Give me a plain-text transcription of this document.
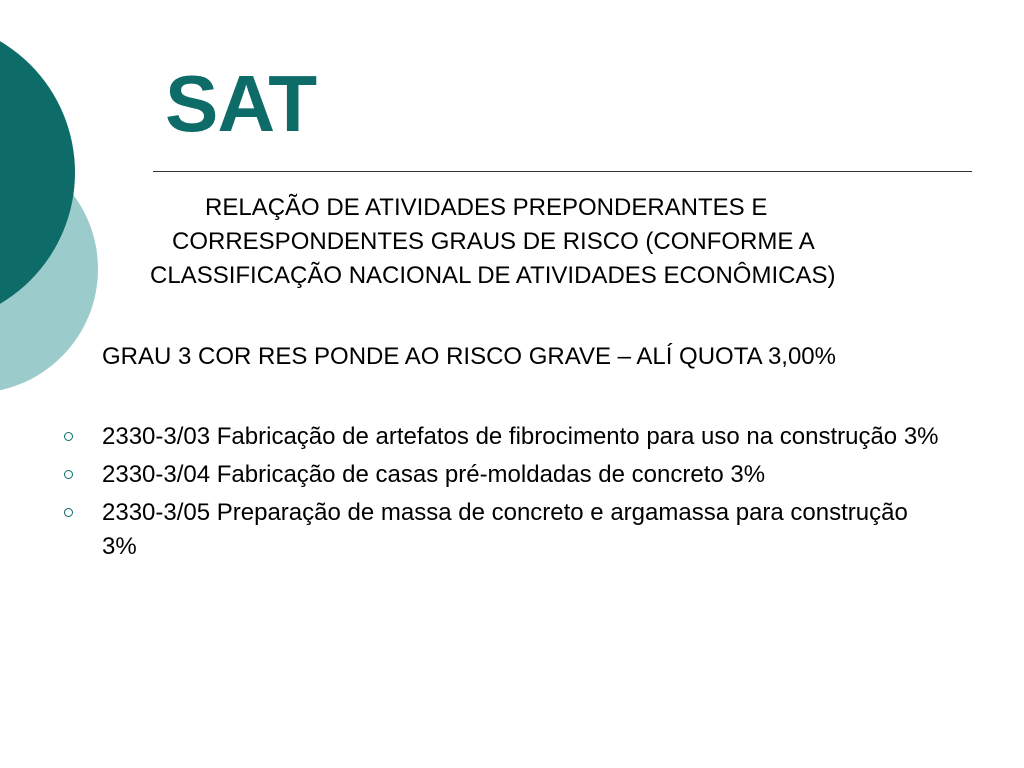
SAT

RELAÇÃO DE ATIVIDADES PREPONDERANTES E
CORRESPONDENTES GRAUS DE RISCO (CONFORME A
CLASSIFICAÇÃO NACIONAL DE ATIVIDADES ECONÔMICAS)

GRAU 3 COR RES PONDE AO RISCO GRAVE – ALÍ QUOTA 3,00%

2330-3/03 Fabricação de artefatos de fibrocimento para uso na construção 3%
2330-3/04 Fabricação de casas pré-moldadas de concreto 3%
2330-3/05 Preparação de massa de concreto e argamassa para construção 3%
